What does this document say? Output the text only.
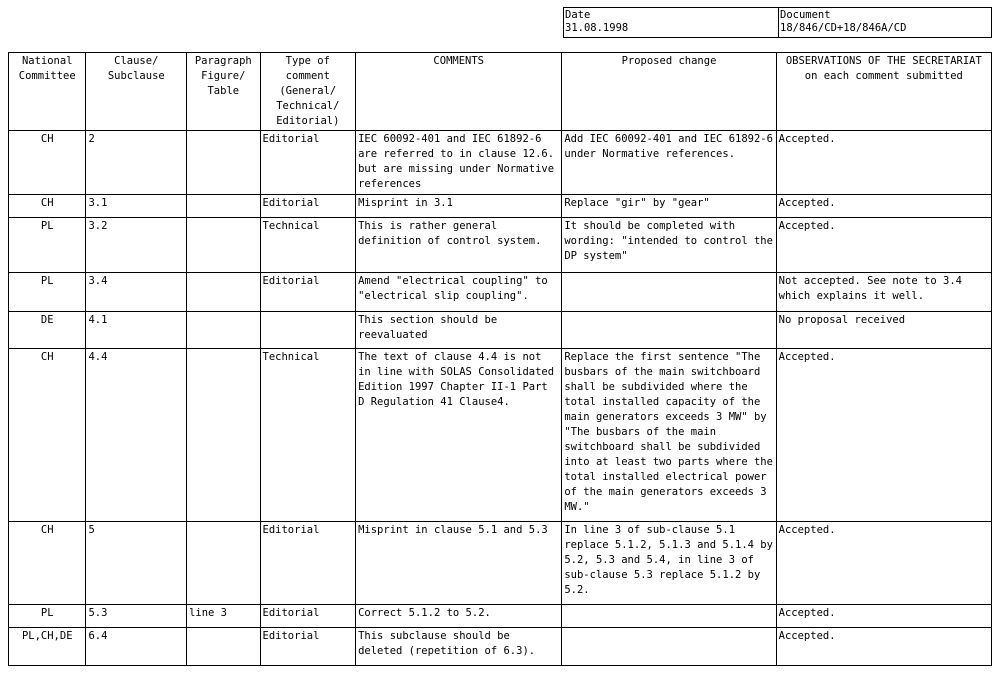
Date
31.08.1998

Document
18/846/CD+18/846A/CD
National Committee	Clause/ Subclause	Paragraph Figure/ Table	Type of comment (General/ Technical/ Editorial)	COMMENTS	Proposed change	OBSERVATIONS OF THE SECRETARIAT
on each comment submitted

CH	2		Editorial	IEC 60092-401 and IEC 61892-6 are referred to in clause 12.6. but are missing under Normative references	Add IEC 60092-401 and IEC 61892-6 under Normative references.	Accepted.
CH	3.1		Editorial	Misprint in 3.1	Replace "gir" by "gear"	Accepted.
PL	3.2		Technical	This is rather general definition of control system.	It should be completed with wording: "intended to control the DP system"	Accepted.
PL	3.4		Editorial	Amend "electrical coupling" to "electrical slip coupling".		Not accepted. See note to 3.4 which explains it well.
DE	4.1			This section should be reevaluated		No proposal received
CH	4.4		Technical	The text of clause 4.4 is not in line with SOLAS Consolidated Edition 1997 Chapter II-1 Part D Regulation 41 Clause4.	Replace the first sentence "The busbars of the main switchboard shall be subdivided where the total installed capacity of the main generators exceeds 3 MW" by "The busbars of the main switchboard shall be subdivided into at least two parts where the total installed electrical power of the main generators exceeds 3 MW."	Accepted.
CH	5		Editorial	Misprint in clause 5.1 and 5.3	In line 3 of sub-clause 5.1 replace 5.1.2, 5.1.3 and 5.1.4 by 5.2, 5.3 and 5.4, in line 3 of sub-clause 5.3 replace 5.1.2 by 5.2.	Accepted.
PL	5.3	line 3	Editorial	Correct 5.1.2 to 5.2.		Accepted.
PL,CH,DE	6.4		Editorial	This subclause should be deleted (repetition of 6.3).		Accepted.
